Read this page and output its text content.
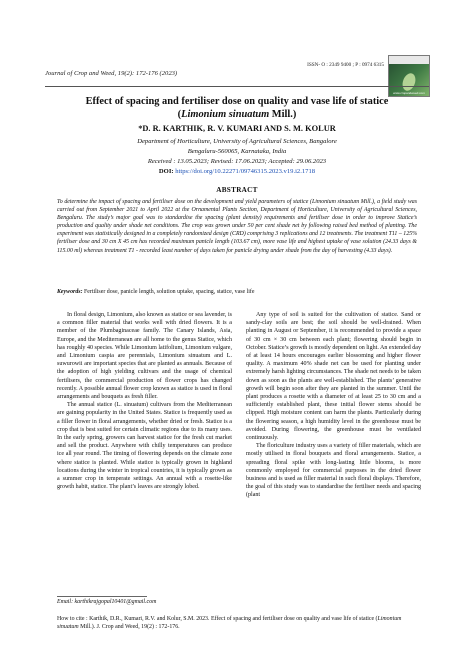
ISSN- O : 2349 9400 ; P : 0974 6315
Journal of Crop and Weed, 19(2): 172-176 (2023)
www.cropandweed.com
Effect of spacing and fertiliser dose on quality and vase life of statice
(Limonium sinuatum Mill.)
*D. R. KARTHIK, R. V. KUMARI AND S. M. KOLUR
Department of Horticulture, University of Agricultural Sciences, Bangalore
Bengaluru-560065, Karnataka, India
Received : 13.05.2023; Revised: 17.06.2023; Accepted: 29.06.2023
DOI: https://doi.org/10.22271/09746315.2023.v19.i2.1718
ABSTRACT
To determine the impact of spacing and fertiliser dose on the development and yield parameters of statice (Limonium sinuatum Mill.), a field study was carried out from September 2021 to April 2022 at the Ornamental Plants Section, Department of Horticulture, University of Agricultural Sciences, Bengaluru. The study’s major goal was to standardise the spacing (plant density) requirements and fertiliser dose in order to improve Statice’s production and quality under shade net conditions. The crop was grown under 50 per cent shade net by following raised bed method of planting. The experiment was statistically designed in a completely randomized design (CRD) comprising 3 replications and 12 treatments. The treatment T11 – 125% fertiliser dose and 30 cm X 45 cm has recorded maximum panicle length (103.67 cm), more vase life and highest uptake of vase solution (24.33 days & 115.00 ml) whereas treatment T1 - recorded least number of days taken for panicle drying under shade from the day of harvesting (4.33 days).
Keywords: Fertiliser dose, panicle length, solution uptake, spacing, statice, vase life

In floral design, Limonium, also known as statice or sea lavender, is a common filler material that works well with dried flowers. It is a member of the Plumbaginaceae family. The Canary Islands, Asia, Europe, and the Mediterranean are all home to the genus Statice, which has roughly 40 species. While Limonium latifolium, Limonium vulgare, and Limonium caspia are perennials, Limonium sinuatum and L. suwurowii are important species that are planted as annuals. Because of the adoption of high yielding cultivars and the usage of chemical fertilisers, the commercial production of flower crops has changed recently. A possible annual flower crop known as statice is used in floral arrangements and bouquets as fresh filler.

The annual statice (L. sinuatum) cultivars from the Mediterranean are gaining popularity in the United States. Statice is frequently used as a filler flower in floral arrangements, whether dried or fresh. Statice is a crop that is best suited for certain climatic regions due to its many uses. In the early spring, growers can harvest statice for the fresh cut market and sell the product. Anywhere with chilly temperatures can produce ice all year round. The timing of flowering depends on the climate zone where statice is planted. While statice is typically grown in highland locations during the winter in tropical countries, it is typically grown as a summer crop in temperate settings. An annual with a rosette-like growth habit, statice. The plant’s leaves are strongly lobed.

Any type of soil is suited for the cultivation of statice. Sand or sandy-clay soils are best; the soil should be well-drained. When planting in August or September, it is recommended to provide a space of 30 cm × 30 cm between each plant; flowering should begin in October. Statice’s growth is mostly dependent on light. An extended day of at least 14 hours encourages earlier blossoming and higher flower quality. A maximum 40% shade net can be used for planting under extremely harsh lighting circumstances. The shade net needs to be taken down as soon as the plants are well-established. The plants’ generative growth will begin soon after they are planted in the summer. Until the plant produces a rosette with a diameter of at least 25 to 30 cm and a sufficiently established plant, these initial flower stems should be clipped. High moisture content can harm the plants. Particularly during the flowering season, a high humidity level in the greenhouse must be avoided. During flowering, the greenhouse must be ventilated continuously.

The floriculture industry uses a variety of filler materials, which are mostly utilised in floral bouquets and floral arrangements. Statice, a spreading floral spike with long-lasting little blooms, is more commonly employed for commercial purposes in the dried flower business and is used as filler material in such floral displays. Therefore, the goal of this study was to standardise the fertiliser needs and spacing (plant

Email: karthikrajgopal10401@gmail.com
How to cite : Karthik, D.R., Kumari, R.V. and Kolur, S.M. 2023. Effect of spacing and fertiliser dose on quality and vase life of statice (Limonium sinuatum Mill.). J. Crop and Weed, 19(2) : 172-176.
